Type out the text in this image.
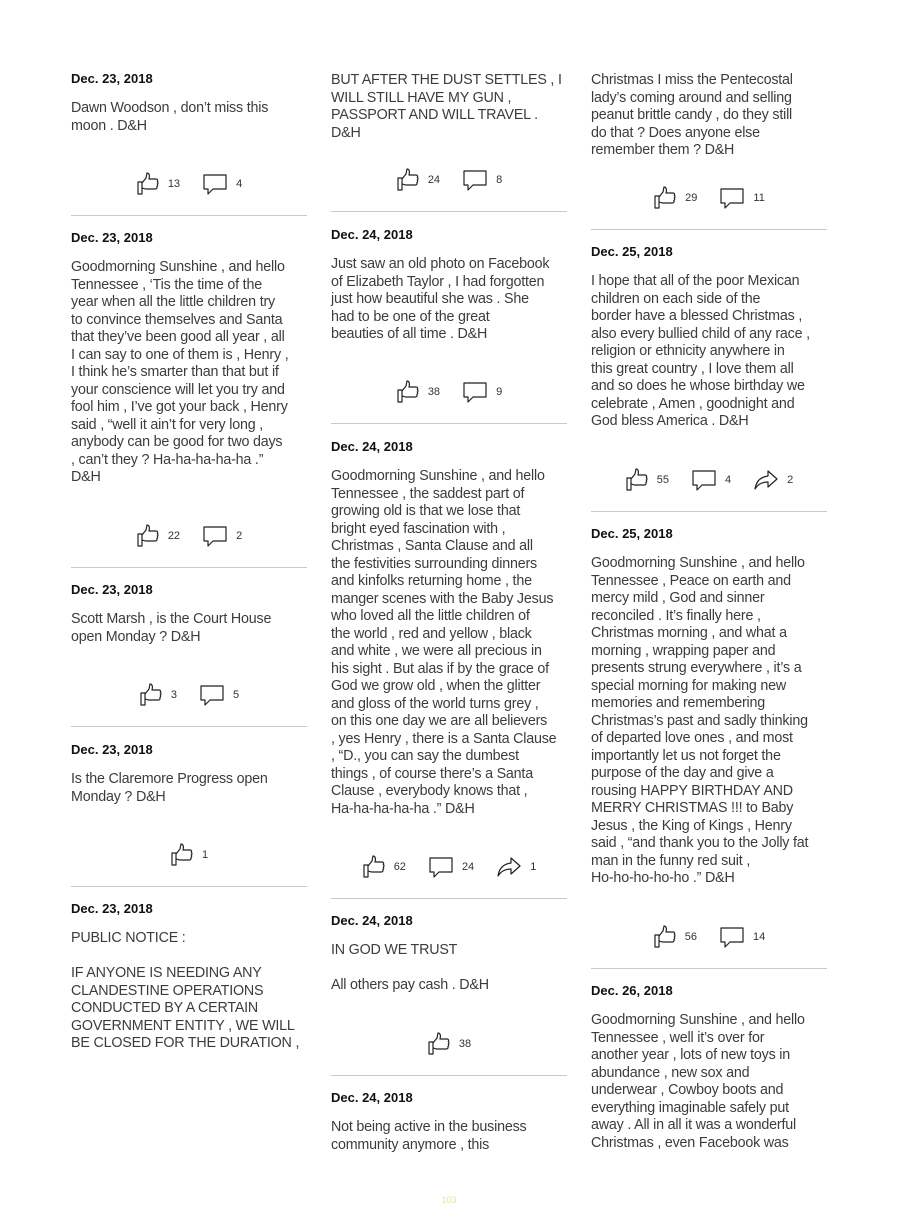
Dec. 23, 2018
Dawn Woodson , don’t miss this
moon . D&H
13	4
Dec. 23, 2018
Goodmorning Sunshine , and hello
Tennessee , ‘Tis the time of the
year when all the little children try
to convince themselves and Santa
that they’ve been good all year , all
I can say to one of them is , Henry ,
I think he’s smarter than that but if
your conscience will let you try and
fool him , I’ve got your back , Henry
said , “well it ain’t for very long ,
anybody can be good for two days
, can’t they ? Ha-ha-ha-ha-ha .”
D&H
22	2
Dec. 23, 2018
Scott Marsh , is the Court House
open Monday ? D&H
3	5
Dec. 23, 2018
Is the Claremore Progress open
Monday ? D&H
1
Dec. 23, 2018
PUBLIC NOTICE :

IF ANYONE IS NEEDING ANY
CLANDESTINE OPERATIONS
CONDUCTED BY A CERTAIN
GOVERNMENT ENTITY , WE WILL
BE CLOSED FOR THE DURATION ,
BUT AFTER THE DUST SETTLES , I
WILL STILL HAVE MY GUN ,
PASSPORT AND WILL TRAVEL .
D&H
24	8
Dec. 24, 2018
Just saw an old photo on Facebook
of Elizabeth Taylor , I had forgotten
just how beautiful she was . She
had to be one of the great
beauties of all time . D&H
38	9
Dec. 24, 2018
Goodmorning Sunshine , and hello
Tennessee , the saddest part of
growing old is that we lose that
bright eyed fascination with ,
Christmas , Santa Clause and all
the festivities surrounding dinners
and kinfolks returning home , the
manger scenes with the Baby Jesus
who loved all the little children of
the world , red and yellow , black
and white , we were all precious in
his sight . But alas if by the grace of
God we grow old , when the glitter
and gloss of the world turns grey ,
on this one day we are all believers
, yes Henry , there is a Santa Clause
, “D., you can say the dumbest
things , of course there’s a Santa
Clause , everybody knows that ,
Ha-ha-ha-ha-ha .” D&H
62	24	1
Dec. 24, 2018
IN GOD WE TRUST

All others pay cash . D&H
38
Dec. 24, 2018
Not being active in the business
community anymore , this
Christmas I miss the Pentecostal
lady’s coming around and selling
peanut brittle candy , do they still
do that ? Does anyone else
remember them ? D&H
29	11
Dec. 25, 2018
I hope that all of the poor Mexican
children on each side of the
border have a blessed Christmas ,
also every bullied child of any race ,
religion or ethnicity anywhere in
this great country , I love them all
and so does he whose birthday we
celebrate , Amen , goodnight and
God bless America . D&H
55	4	2
Dec. 25, 2018
Goodmorning Sunshine , and hello
Tennessee , Peace on earth and
mercy mild , God and sinner
reconciled . It’s finally here ,
Christmas morning , and what a
morning , wrapping paper and
presents strung everywhere , it’s a
special morning for making new
memories and remembering
Christmas’s past and sadly thinking
of departed love ones , and most
importantly let us not forget the
purpose of the day and give a
rousing HAPPY BIRTHDAY AND
MERRY CHRISTMAS !!! to Baby
Jesus , the King of Kings , Henry
said , “and thank you to the Jolly fat
man in the funny red suit ,
Ho-ho-ho-ho-ho .” D&H
56	14
Dec. 26, 2018
Goodmorning Sunshine , and hello
Tennessee , well it’s over for
another year , lots of new toys in
abundance , new sox and
underwear , Cowboy boots and
everything imaginable safely put
away . All in all it was a wonderful
Christmas , even Facebook was
103
